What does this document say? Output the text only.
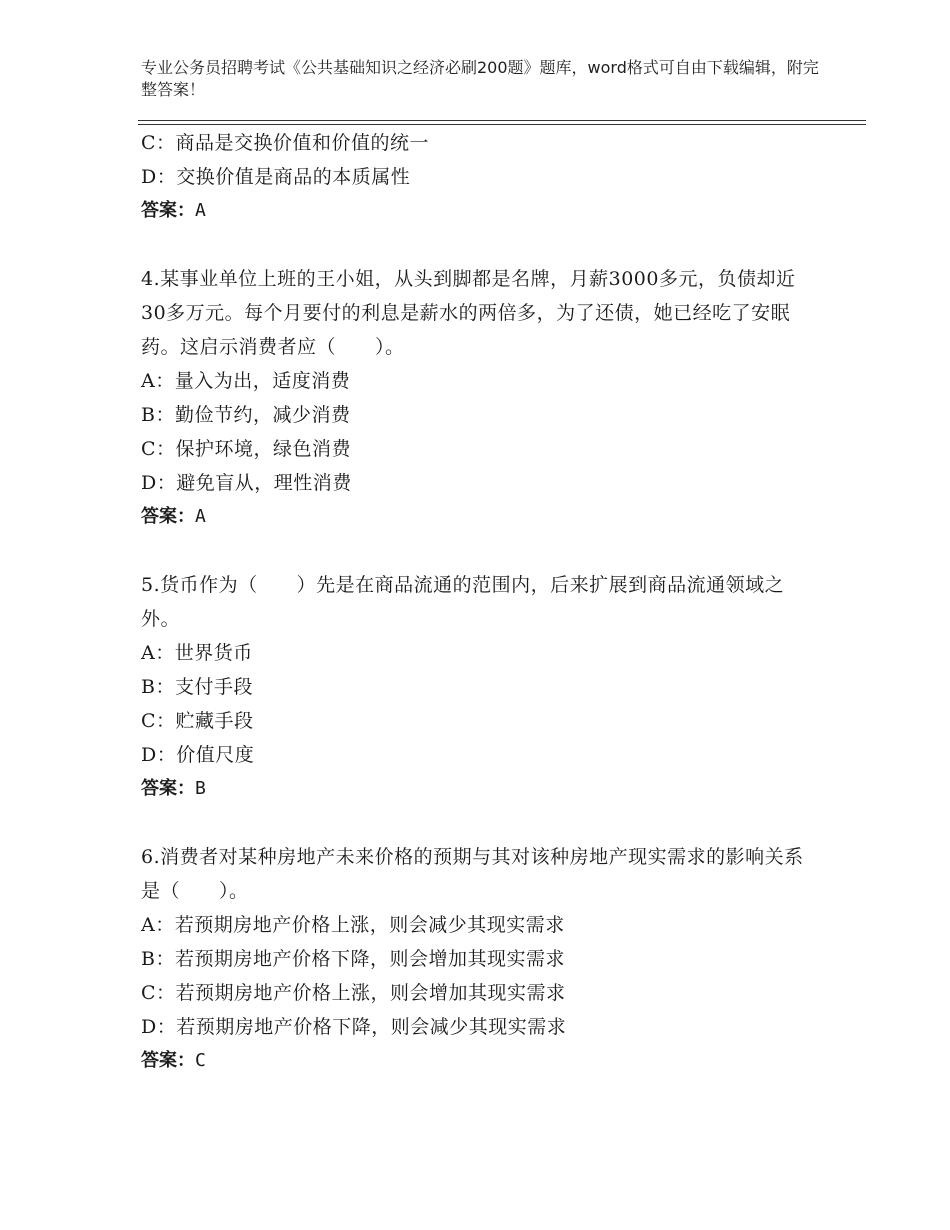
专业公务员招聘考试《公共基础知识之经济必刷200题》题库，word格式可自由下载编辑，附完整答案！
C：商品是交换价值和价值的统一
D：交换价值是商品的本质属性
答案：A
4.某事业单位上班的王小姐，从头到脚都是名牌，月薪3000多元，负债却近30多万元。每个月要付的利息是薪水的两倍多，为了还债，她已经吃了安眠药。这启示消费者应（　　）。
A：量入为出，适度消费
B：勤俭节约，减少消费
C：保护环境，绿色消费
D：避免盲从，理性消费
答案：A
5.货币作为（　　）先是在商品流通的范围内，后来扩展到商品流通领域之外。
A：世界货币
B：支付手段
C：贮藏手段
D：价值尺度
答案：B
6.消费者对某种房地产未来价格的预期与其对该种房地产现实需求的影响关系是（　　）。
A：若预期房地产价格上涨，则会减少其现实需求
B：若预期房地产价格下降，则会增加其现实需求
C：若预期房地产价格上涨，则会增加其现实需求
D：若预期房地产价格下降，则会减少其现实需求
答案：C
